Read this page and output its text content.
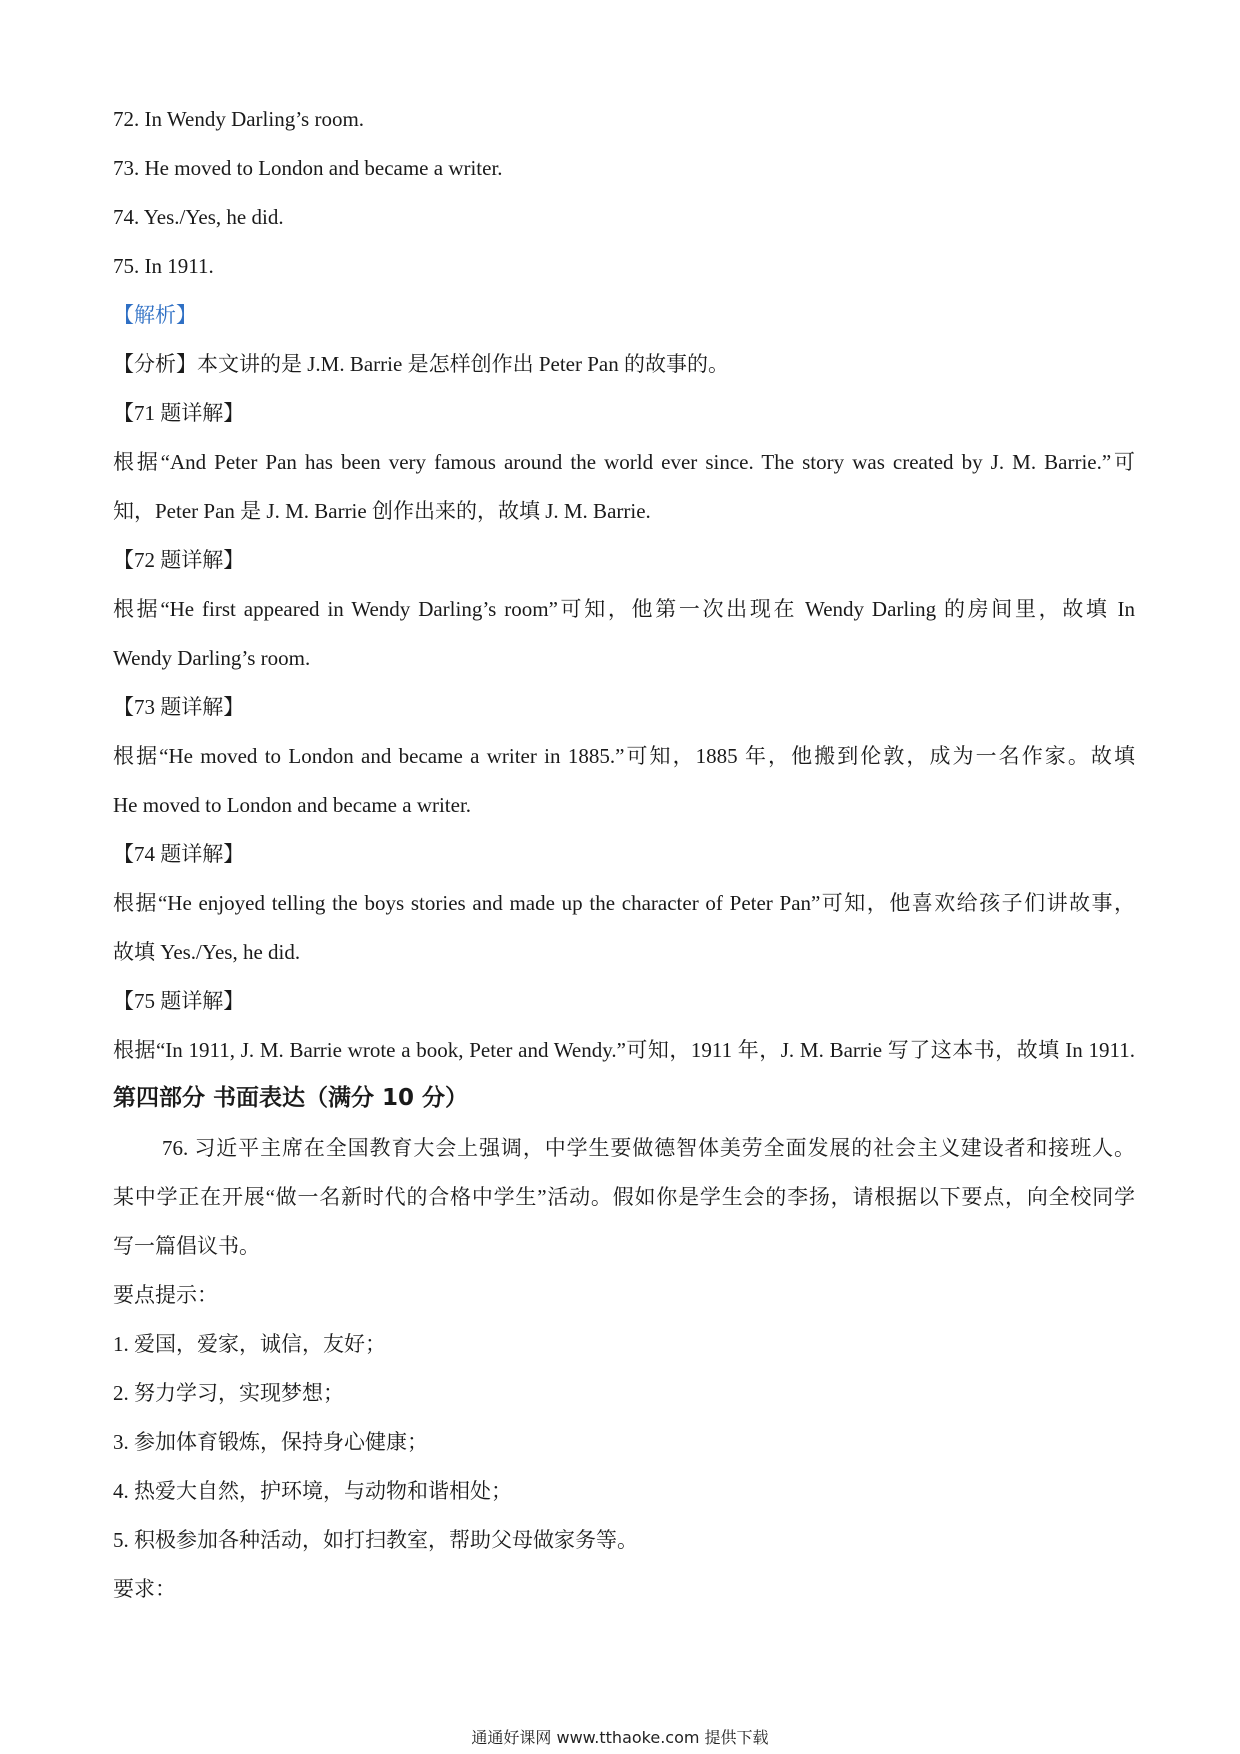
72. In Wendy Darling’s room.
73. He moved to London and became a writer.
74. Yes./Yes, he did.
75. In 1911.
【解析】
【分析】本文讲的是 J.M. Barrie 是怎样创作出 Peter Pan 的故事的。
【71 题详解】
根据“And Peter Pan has been very famous around the world ever since. The story was created by J. M. Barrie.”可
知，Peter Pan 是 J. M. Barrie 创作出来的，故填 J. M. Barrie.
【72 题详解】
根据“He first appeared in Wendy Darling’s room”可知，他第一次出现在 Wendy Darling 的房间里，故填 In
Wendy Darling’s room.
【73 题详解】
根据“He moved to London and became a writer in 1885.”可知，1885 年，他搬到伦敦，成为一名作家。故填
He moved to London and became a writer.
【74 题详解】
根据“He enjoyed telling the boys stories and made up the character of Peter Pan”可知，他喜欢给孩子们讲故事，
故填 Yes./Yes, he did.
【75 题详解】
根据“In 1911, J. M. Barrie wrote a book, Peter and Wendy.”可知，1911 年，J. M. Barrie 写了这本书，故填 In 1911.
第四部分 书面表达（满分 10 分）
76. 习近平主席在全国教育大会上强调，中学生要做德智体美劳全面发展的社会主义建设者和接班人。
某中学正在开展“做一名新时代的合格中学生”活动。假如你是学生会的李扬，请根据以下要点，向全校同学
写一篇倡议书。
要点提示：
1. 爱国，爱家，诚信，友好；
2. 努力学习，实现梦想；
3. 参加体育锻炼，保持身心健康；
4. 热爱大自然，护环境，与动物和谐相处；
5. 积极参加各种活动，如打扫教室，帮助父母做家务等。
要求：
通通好课网 www.tthaoke.com 提供下载
